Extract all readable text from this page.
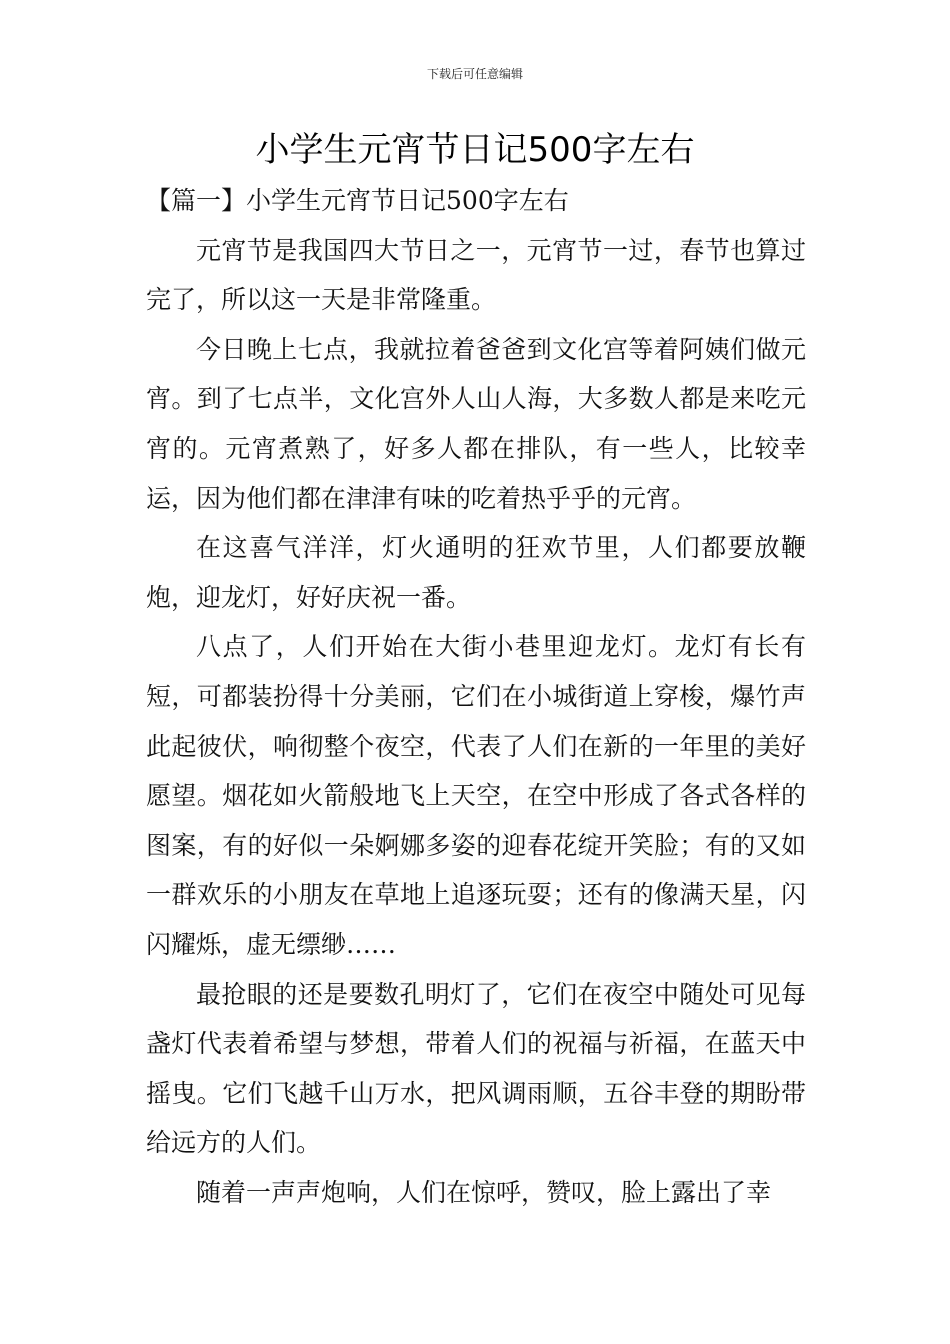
下载后可任意编辑
小学生元宵节日记500字左右

【篇一】小学生元宵节日记500字左右

元宵节是我国四大节日之一，元宵节一过，春节也算过完了，所以这一天是非常隆重。

今日晚上七点，我就拉着爸爸到文化宫等着阿姨们做元宵。到了七点半，文化宫外人山人海，大多数人都是来吃元宵的。元宵煮熟了，好多人都在排队，有一些人，比较幸运，因为他们都在津津有味的吃着热乎乎的元宵。

在这喜气洋洋，灯火通明的狂欢节里，人们都要放鞭炮，迎龙灯，好好庆祝一番。

八点了，人们开始在大街小巷里迎龙灯。龙灯有长有短，可都装扮得十分美丽，它们在小城街道上穿梭，爆竹声此起彼伏，响彻整个夜空，代表了人们在新的一年里的美好愿望。烟花如火箭般地飞上天空，在空中形成了各式各样的图案，有的好似一朵婀娜多姿的迎春花绽开笑脸；有的又如一群欢乐的小朋友在草地上追逐玩耍；还有的像满天星，闪闪耀烁，虚无缥缈……

最抢眼的还是要数孔明灯了，它们在夜空中随处可见每盏灯代表着希望与梦想，带着人们的祝福与祈福，在蓝天中摇曳。它们飞越千山万水，把风调雨顺，五谷丰登的期盼带给远方的人们。

随着一声声炮响，人们在惊呼，赞叹，脸上露出了幸
